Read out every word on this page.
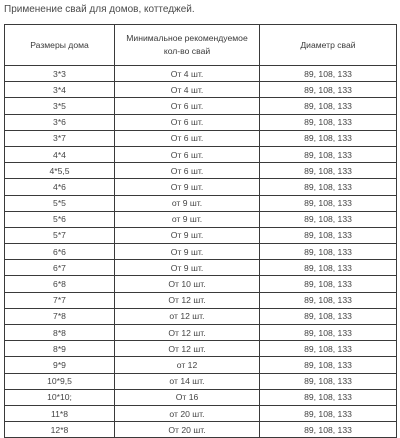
Применение свай для домов, коттеджей.
Размеры дома	Минимальное рекомендуемое кол-во свай	Диаметр свай
3*3	От 4 шт.	89, 108, 133
3*4	От 4 шт.	89, 108, 133
3*5	От 6 шт.	89, 108, 133
3*6	От 6 шт.	89, 108, 133
3*7	От 6 шт.	89, 108, 133
4*4	От 6 шт.	89, 108, 133
4*5,5	От 6 шт.	89, 108, 133
4*6	От 9 шт.	89, 108, 133
5*5	от 9 шт.	89, 108, 133
5*6	от 9 шт.	89, 108, 133
5*7	От 9 шт.	89, 108, 133
6*6	От 9 шт.	89, 108, 133
6*7	От 9 шт.	89, 108, 133
6*8	От 10 шт.	89, 108, 133
7*7	От 12 шт.	89, 108, 133
7*8	от 12 шт.	89, 108, 133
8*8	От 12 шт.	89, 108, 133
8*9	От 12 шт.	89, 108, 133
9*9	от 12	89, 108, 133
10*9,5	от 14 шт.	89, 108, 133
10*10;	От 16	89, 108, 133
11*8	от 20 шт.	89, 108, 133
12*8	От 20 шт.	89, 108, 133
